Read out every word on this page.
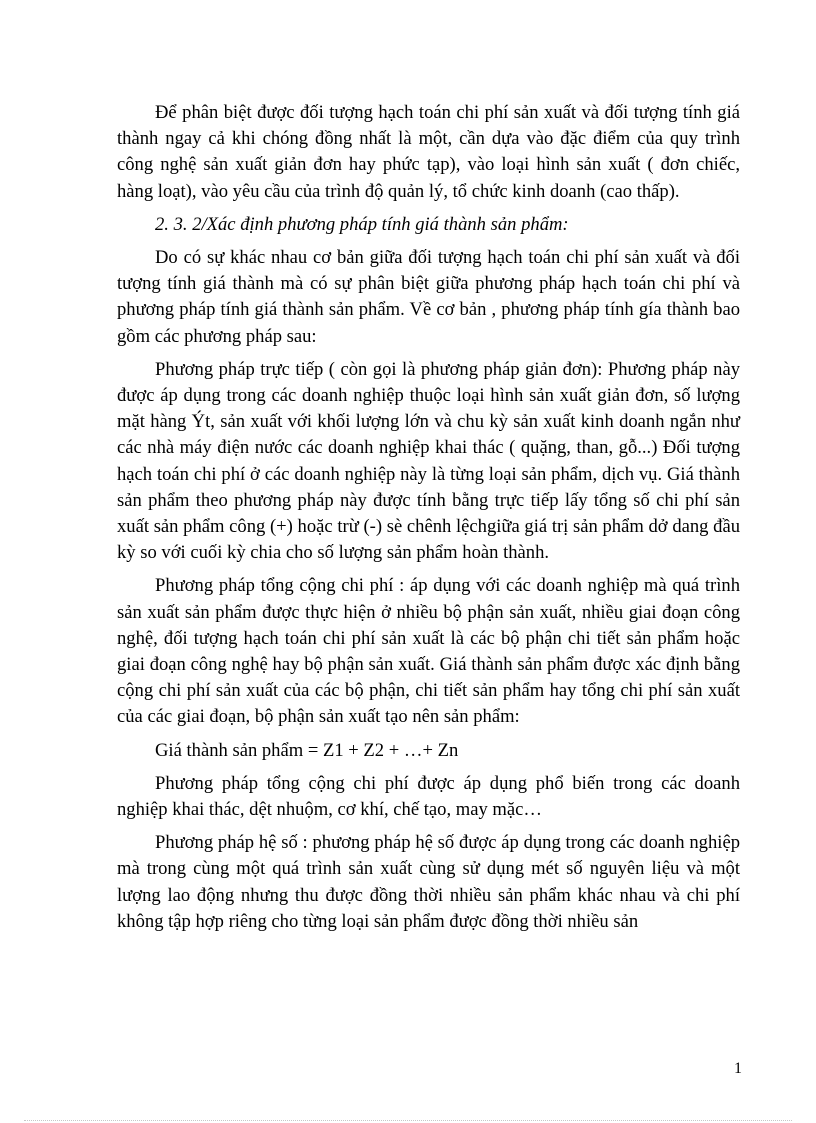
Để phân biệt được đối tượng hạch toán chi phí sản xuất và đối tượng tính giá thành ngay cả khi chóng đồng nhất là một, cần dựa vào đặc điểm của quy trình công nghệ sản xuất giản đơn hay phức tạp), vào loại hình sản xuất ( đơn chiếc, hàng loạt), vào yêu cầu của trình độ quản lý, tổ chức kinh doanh (cao thấp).

2. 3. 2/Xác định phương pháp tính giá thành sản phẩm:

Do có sự khác nhau cơ bản giữa đối tượng hạch toán chi phí sản xuất và đối tượng tính giá thành mà có sự phân biệt giữa phương pháp hạch toán chi phí và phương pháp tính giá thành sản phẩm. Về cơ bản , phương pháp tính gía thành bao gồm các phương pháp sau:

Phương pháp trực tiếp ( còn gọi là phương pháp giản đơn): Phương pháp này được áp dụng trong các doanh nghiệp thuộc loại hình sản xuất giản đơn, số lượng mặt hàng Ýt, sản xuất với khối lượng lớn và chu kỳ sản xuất kinh doanh ngắn như các nhà máy điện nước các doanh nghiệp khai thác ( quặng, than, gỗ...) Đối tượng hạch toán chi phí ở các doanh nghiệp này là từng loại sản phẩm, dịch vụ. Giá thành sản phẩm theo phương pháp này được tính bằng trực tiếp lấy tổng số chi phí sản xuất sản phẩm công (+) hoặc trừ (-) sè chênh lệchgiữa giá trị sản phẩm dở dang đầu kỳ so với cuối kỳ chia cho số lượng sản phẩm hoàn thành.

Phương pháp tổng cộng chi phí : áp dụng với các doanh nghiệp mà quá trình sản xuất sản phẩm được thực hiện ở nhiều bộ phận sản xuất, nhiều giai đoạn công nghệ, đối tượng hạch toán chi phí sản xuất là các bộ phận chi tiết sản phẩm hoặc giai đoạn công nghệ hay bộ phận sản xuất. Giá thành sản phẩm được xác định bằng cộng chi phí sản xuất của các bộ phận, chi tiết sản phẩm hay tổng chi phí sản xuất của các giai đoạn, bộ phận sản xuất tạo nên sản phẩm:

Giá thành sản phẩm = Z1 + Z2 + …+ Zn

Phương pháp tổng cộng chi phí được áp dụng phổ biến trong các doanh nghiệp khai thác, dệt nhuộm, cơ khí, chế tạo, may mặc…

Phương pháp hệ số : phương pháp hệ số được áp dụng trong các doanh nghiệp mà trong cùng một quá trình sản xuất cùng sử dụng mét số nguyên liệu và một lượng lao động nhưng thu được đồng thời nhiều sản phẩm khác nhau và chi phí không tập hợp riêng cho từng loại sản phẩm được đồng thời nhiều sản

1
